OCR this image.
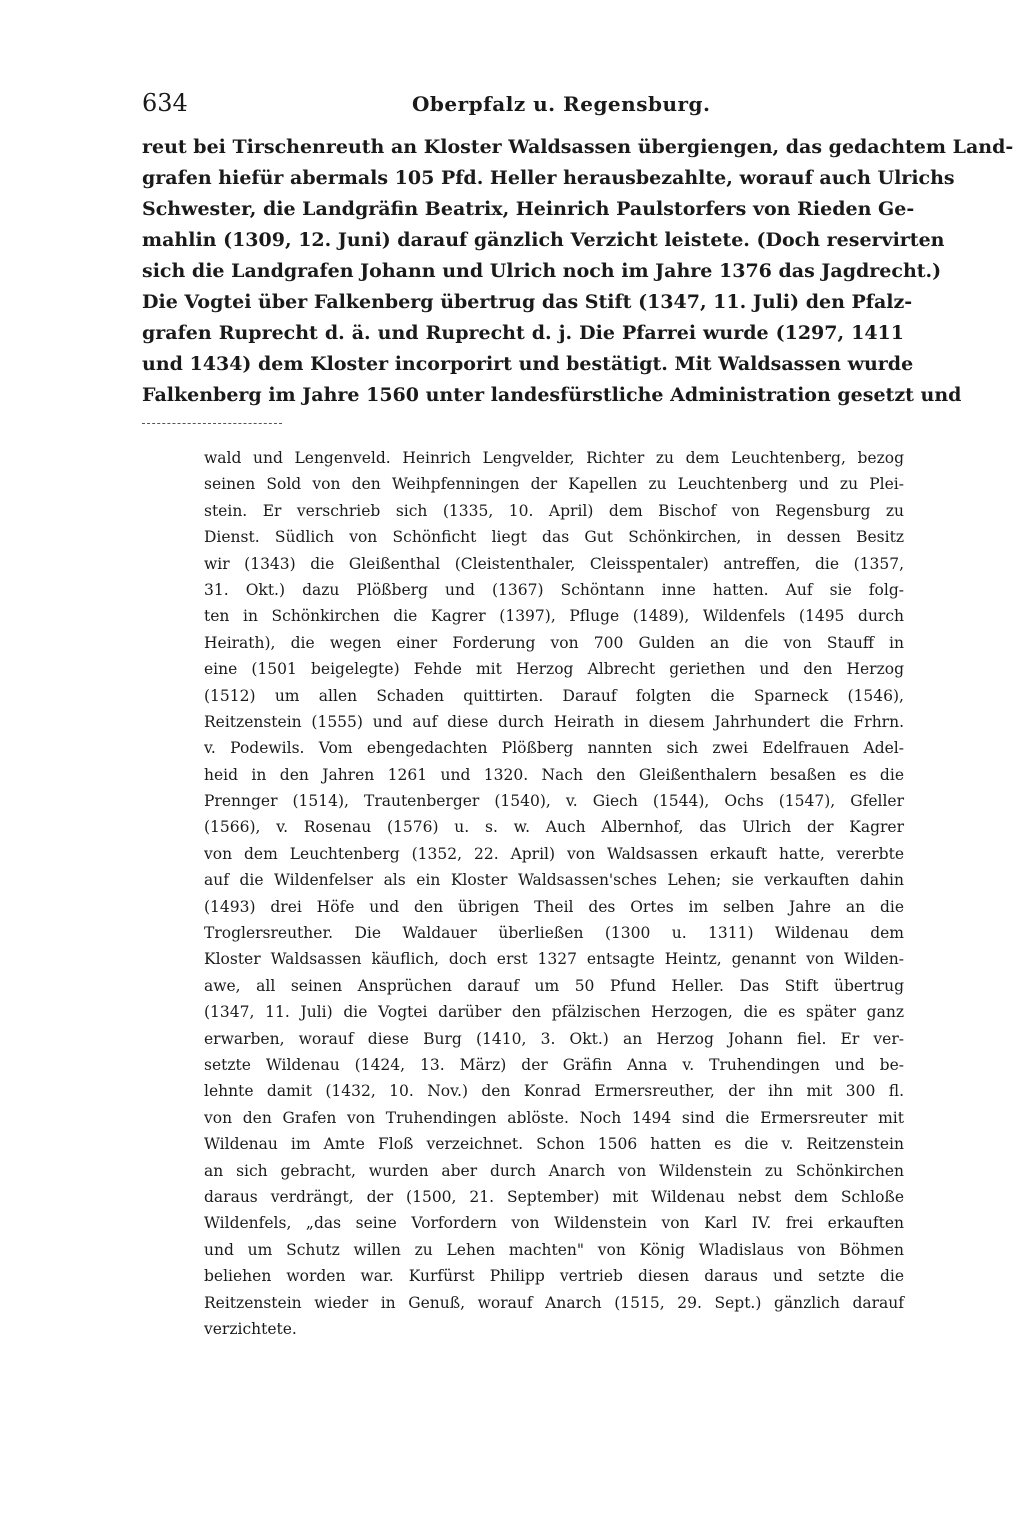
634	Oberpfalz u. Regensburg.
reut bei Tirschenreuth an Kloster Waldsassen übergiengen, das gedachtem Land-
grafen hiefür abermals 105 Pfd. Heller herausbezahlte, worauf auch Ulrichs
Schwester, die Landgräfin Beatrix, Heinrich Paulstorfers von Rieden Ge-
mahlin (1309, 12. Juni) darauf gänzlich Verzicht leistete. (Doch reservirten
sich die Landgrafen Johann und Ulrich noch im Jahre 1376 das Jagdrecht.)
Die Vogtei über Falkenberg übertrug das Stift (1347, 11. Juli) den Pfalz-
grafen Ruprecht d. ä. und Ruprecht d. j. Die Pfarrei wurde (1297, 1411
und 1434) dem Kloster incorporirt und bestätigt. Mit Waldsassen wurde
Falkenberg im Jahre 1560 unter landesfürstliche Administration gesetzt und
wald und Lengenveld. Heinrich Lengvelder, Richter zu dem Leuchtenberg, bezog
seinen Sold von den Weihpfenningen der Kapellen zu Leuchtenberg und zu Plei-
stein. Er verschrieb sich (1335, 10. April) dem Bischof von Regensburg zu
Dienst. Südlich von Schönficht liegt das Gut Schönkirchen, in dessen Besitz
wir (1343) die Gleißenthal (Cleistenthaler, Cleisspentaler) antreffen, die (1357,
31. Okt.) dazu Plößberg und (1367) Schöntann inne hatten. Auf sie folg-
ten in Schönkirchen die Kagrer (1397), Pfluge (1489), Wildenfels (1495 durch
Heirath), die wegen einer Forderung von 700 Gulden an die von Stauff in
eine (1501 beigelegte) Fehde mit Herzog Albrecht geriethen und den Herzog
(1512) um allen Schaden quittirten. Darauf folgten die Sparneck (1546),
Reitzenstein (1555) und auf diese durch Heirath in diesem Jahrhundert die Frhrn.
v. Podewils. Vom ebengedachten Plößberg nannten sich zwei Edelfrauen Adel-
heid in den Jahren 1261 und 1320. Nach den Gleißenthalern besaßen es die
Prennger (1514), Trautenberger (1540), v. Giech (1544), Ochs (1547), Gfeller
(1566), v. Rosenau (1576) u. s. w. Auch Albernhof, das Ulrich der Kagrer
von dem Leuchtenberg (1352, 22. April) von Waldsassen erkauft hatte, vererbte
auf die Wildenfelser als ein Kloster Waldsassen'sches Lehen; sie verkauften dahin
(1493) drei Höfe und den übrigen Theil des Ortes im selben Jahre an die
Troglersreuther. Die Waldauer überließen (1300 u. 1311) Wildenau dem
Kloster Waldsassen käuflich, doch erst 1327 entsagte Heintz, genannt von Wilden-
awe, all seinen Ansprüchen darauf um 50 Pfund Heller. Das Stift übertrug
(1347, 11. Juli) die Vogtei darüber den pfälzischen Herzogen, die es später ganz
erwarben, worauf diese Burg (1410, 3. Okt.) an Herzog Johann fiel. Er ver-
setzte Wildenau (1424, 13. März) der Gräfin Anna v. Truhendingen und be-
lehnte damit (1432, 10. Nov.) den Konrad Ermersreuther, der ihn mit 300 fl.
von den Grafen von Truhendingen ablöste. Noch 1494 sind die Ermersreuter mit
Wildenau im Amte Floß verzeichnet. Schon 1506 hatten es die v. Reitzenstein
an sich gebracht, wurden aber durch Anarch von Wildenstein zu Schönkirchen
daraus verdrängt, der (1500, 21. September) mit Wildenau nebst dem Schloße
Wildenfels, „das seine Vorfordern von Wildenstein von Karl IV. frei erkauften
und um Schutz willen zu Lehen machten" von König Wladislaus von Böhmen
beliehen worden war. Kurfürst Philipp vertrieb diesen daraus und setzte die
Reitzenstein wieder in Genuß, worauf Anarch (1515, 29. Sept.) gänzlich darauf
verzichtete.
